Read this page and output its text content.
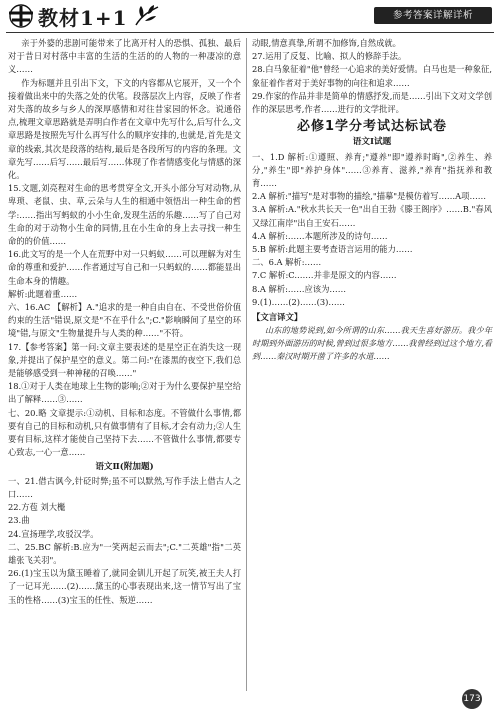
教材1+1	参考答案详解详析

亲于外婆的悲剧可能带来了比离开村人的恐惧、孤独、最后对于昔日对村落中丰富的生活的生活的的人物的一种凄凉的意义……

作为标题并且引出下文，下文的内容都从它展开，又一个个接着做出来中的失落之处的伏笔。段落层次上内容，反映了作者对失落的故乡与乡人的深厚感情和对往昔家园的怀念。说通俗点,梳理文章思路就是弄明白作者在文章中先写什么,后写什么,文章思路是按照先写什么再写什么的顺序安排的,也就是,首先是文章的线索,其次是段落的结构,最后是各段所写的内容的条理。文章先写……后写……最后写……体现了作者情感变化与情感的深化。

15.文题,刘亮程对生命的思考贯穿全文,开头小部分写对动物,从卑琐、老鼠、虫、草,云朵与人生的相通中领悟出一种生命的哲学:……指出写蚂蚁的小小生命,发现生活的乐趣……写了自己对生命的对于动物小生命的同情,且在小生命的身上去寻找一种生命的的价值……

16.此文写的是一个人在荒野中对一只蚂蚁……可以理解为对生命的尊重和爱护……作者通过写自己和一只蚂蚁的……都能显出生命本身的情趣。

解析:此题着重……

六、16.AC 【解析】A."追求的是一种自由自在、不受世俗价值约束的生活"错误,原文是"不在乎什么";C."影响瞬间了星空的环境"错,与原文"生物量提升与人类的种……"不符。

17.【参考答案】第一问:文章主要表述的是星空正在消失这一现象,并提出了保护星空的意义。第二问:"在漆黑的夜空下,我们总是能够感受到一种神秘的召唤……"

18.①对于人类在地球上生物的影响;②对于为什么要保护星空给出了解释……③……

七、20.略 文章提示:①动机、目标和态度。不管做什么事情,都要有自己的目标和动机,只有做事情有了目标,才会有动力;②人生要有目标,这样才能使自己坚持下去……不管做什么事情,都要专心致志,一心一意……

语文Ⅱ(附加题)

一、21.借古讽今,针砭时弊;虽不可以默然,写作手法上借古人之口……

22.方苞 刘大櫆

23.曲

24.宣扬理学,攻驳汉学。

二、25.BC 解析:B.应为"一笑两起云而去";C."二英雄"指"二英雄张飞关羽"。

26.(1)宝玉以为黛玉睡着了,就同金钏儿开起了玩笑,被王夫人打了一记耳光……(2)……黛玉的心事表现出来,这一情节写出了宝玉的性格……(3)宝玉的任性、叛逆……

动眼,情意真挚,所谓不加修饰,自然成就。

27.运用了反复、比喻、拟人的修辞手法。

28.白马象征着"他"曾经一心追求的美好爱情。白马也是一种象征,象征着作者对于美好事物的向往和追求……

29.作家的作品并非是简单的情感抒发,而是……引出下文对文学创作的深层思考,作者……进行的文学批评。

必修1学分考试达标试卷

语文Ⅰ试题

一、1.D 解析:①遵照、养育;"遵养"即"遵养时晦",②养生、养分,"养生"即"养护身体"……③养育、滋养,"养育"指抚养和教育……

2.A 解析:"描写"是对事物的描绘,"描摹"是模仿着写……A项……

3.A 解析:A."秋水共长天一色"出自王勃《滕王阁序》……B."春风又绿江南岸"出自王安石……

4.A 解析:……本题所涉及的诗句……

5.B 解析:此题主要考查语言运用的能力……

二、6.A 解析:……

7.C 解析:C.……并非是原文的内容……

8.A 解析:……应该为……

9.(1)……(2)……(3)……

【文言译文】

山东的地势说到,如今所谓的山东……我天生喜好游历。我少年时期到外面游历的时候,曾到过很多地方……我曾经到过这个地方,看到……秦汉时期开凿了许多的水道……

173
